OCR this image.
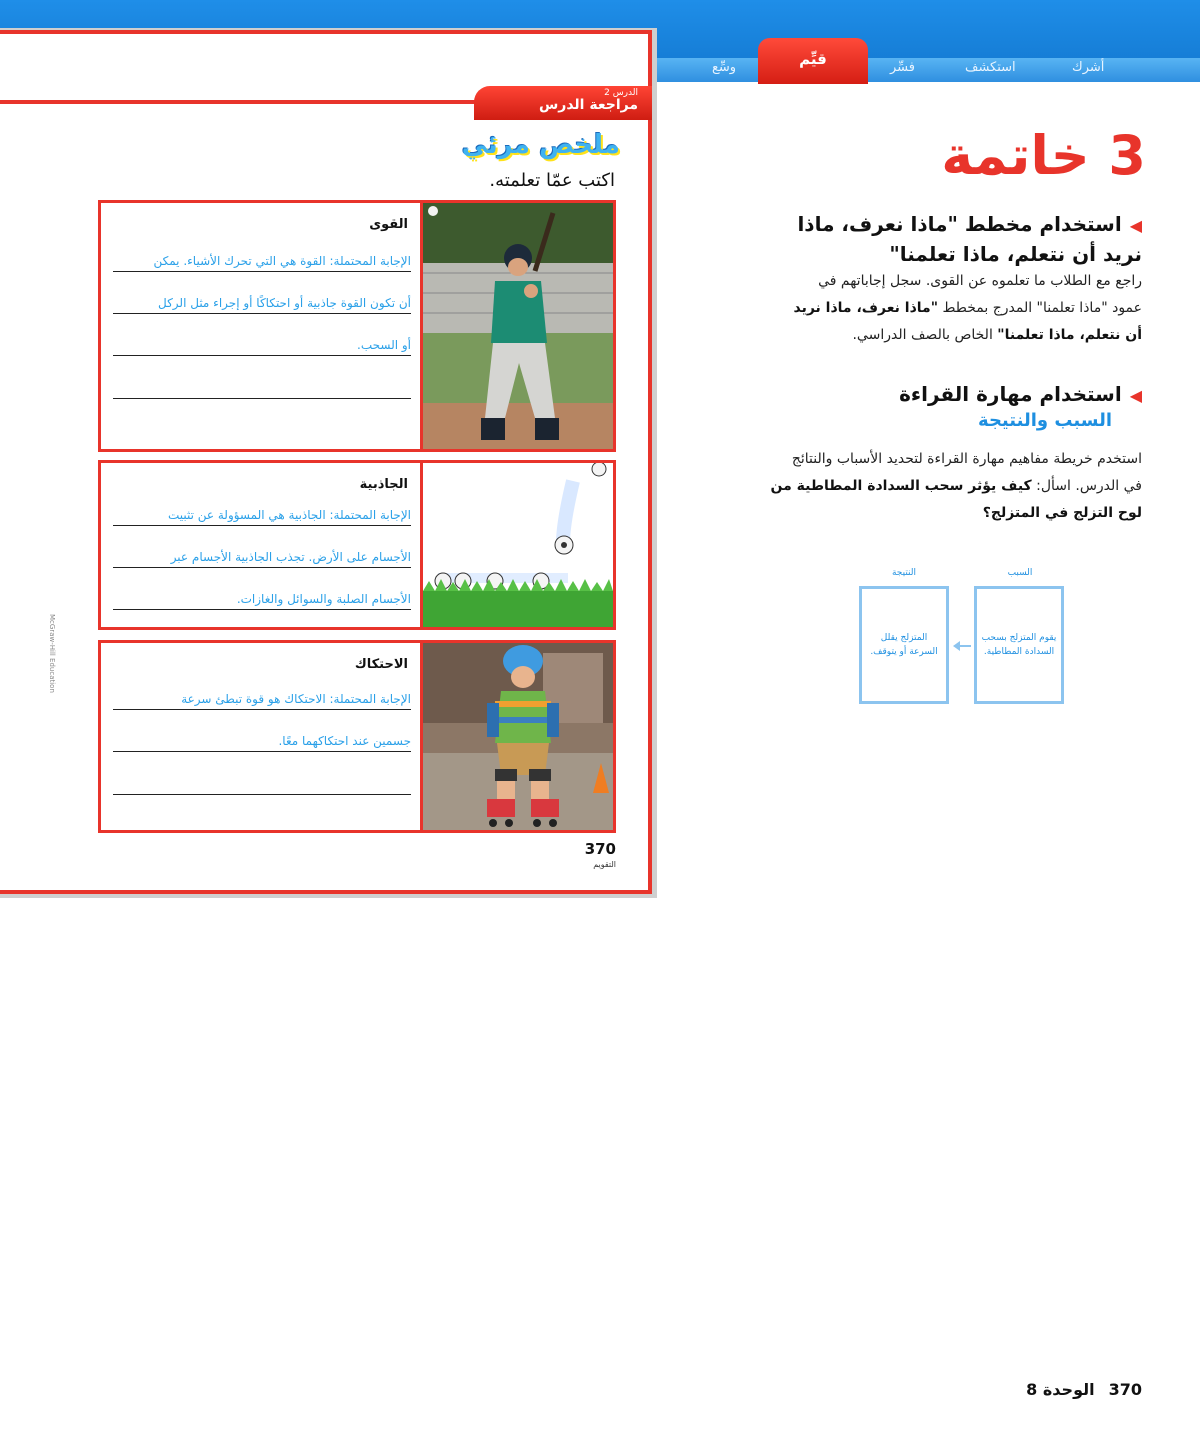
أشرك
استكشف
فسِّر
قيِّم
وسِّع
الدرس 2
مراجعة الدرس
ملخص مرئي
اكتب عمّا تعلمته.
القوى
الإجابة المحتملة: القوة هي التي تحرك الأشياء. يمكن
أن تكون القوة جاذبية أو احتكاكًا أو إجراء مثل الركل
أو السحب.
الجاذبية
الإجابة المحتملة: الجاذبية هي المسؤولة عن تثبيت
الأجسام على الأرض. تجذب الجاذبية الأجسام عبر
الأجسام الصلبة والسوائل والغازات.
الاحتكاك
الإجابة المحتملة: الاحتكاك هو قوة تبطئ سرعة
جسمين عند احتكاكهما معًا.
McGraw-Hill Education
370
التقويم
3 خاتمة
◀استخدام مخطط "ماذا نعرف، ماذا
نريد أن نتعلم، ماذا تعلمنا"
راجع مع الطلاب ما تعلموه عن القوى. سجل إجاباتهم في
عمود "ماذا تعلمنا" المدرج بمخطط "ماذا نعرف، ماذا نريد
أن نتعلم، ماذا تعلمنا" الخاص بالصف الدراسي.
◀استخدام مهارة القراءة
السبب والنتيجة
استخدم خريطة مفاهيم مهارة القراءة لتحديد الأسباب والنتائج
في الدرس. اسأل: كيف يؤثر سحب السدادة المطاطية من
لوح التزلج في المتزلج؟
السبب
النتيجة
يقوم المتزلج بسحب السدادة المطاطية.
المتزلج يقلل السرعة أو يتوقف.
370الوحدة 8
